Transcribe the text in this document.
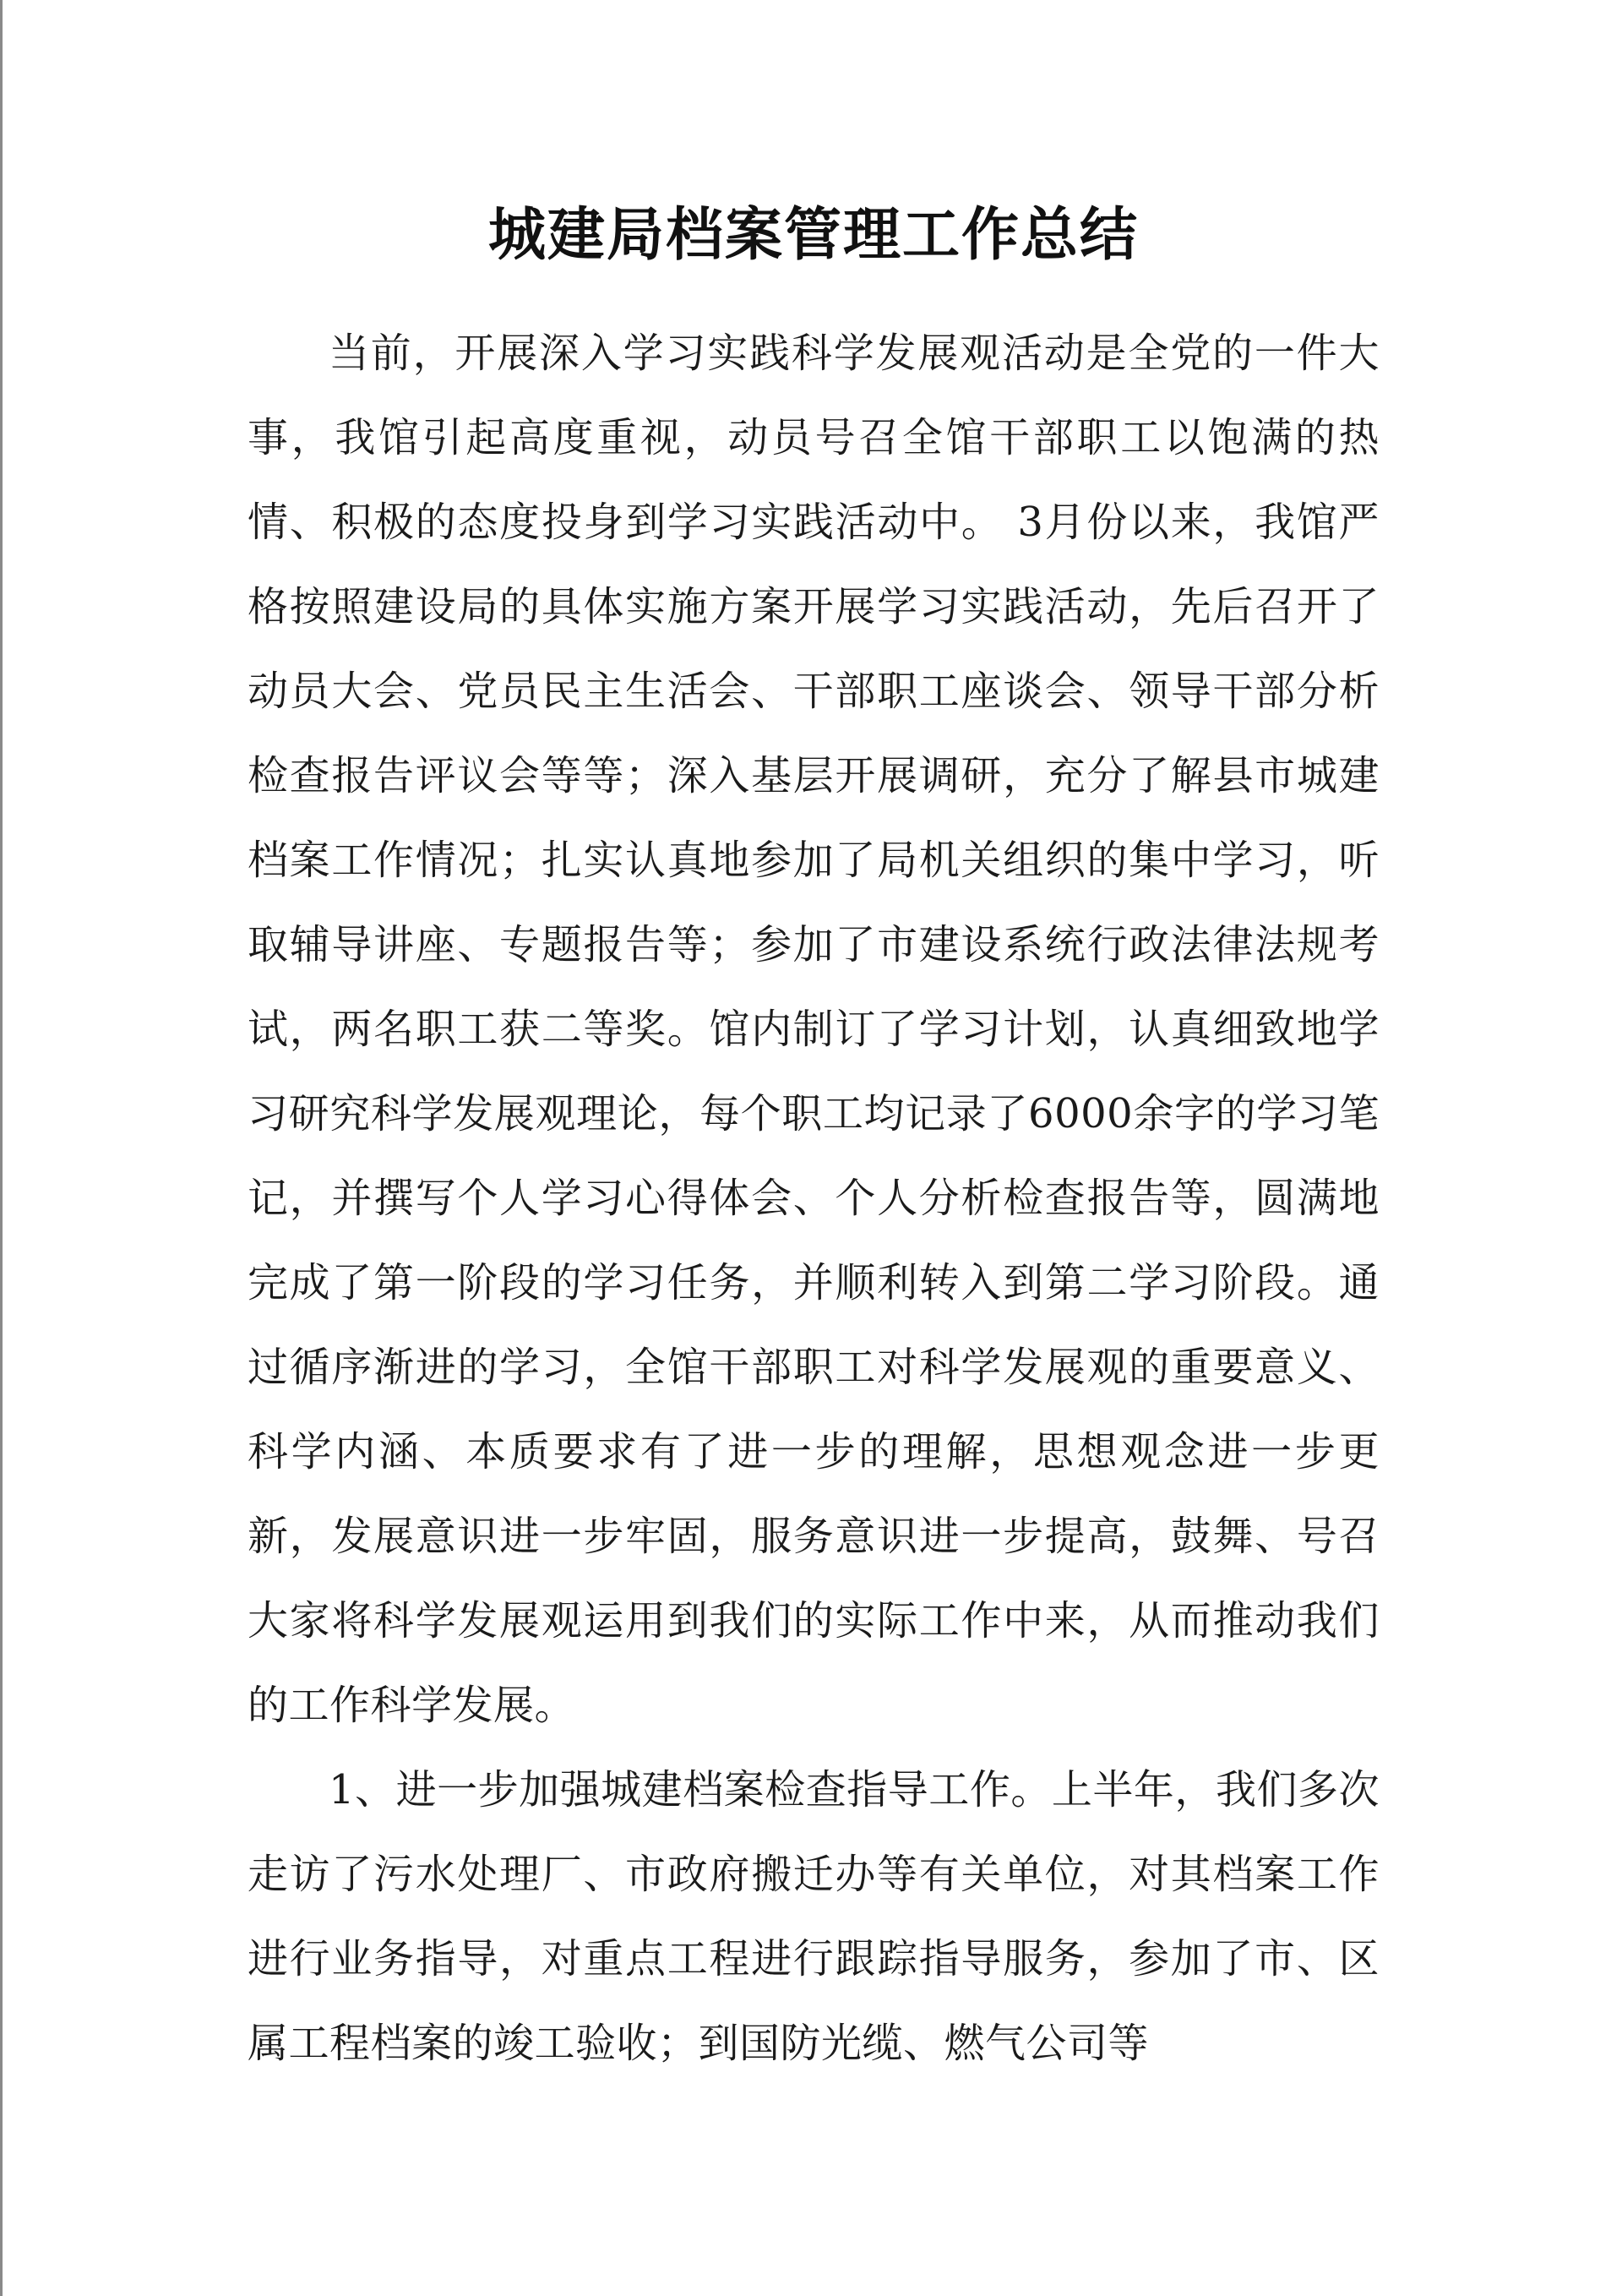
城建局档案管理工作总结

当前，开展深入学习实践科学发展观活动是全党的一件大事，我馆引起高度重视，动员号召全馆干部职工以饱满的热情、积极的态度投身到学习实践活动中。 3月份以来，我馆严格按照建设局的具体实施方案开展学习实践活动，先后召开了动员大会、党员民主生活会、干部职工座谈会、领导干部分析检查报告评议会等等；深入基层开展调研，充分了解县市城建档案工作情况；扎实认真地参加了局机关组织的集中学习，听取辅导讲座、专题报告等；参加了市建设系统行政法律法规考试，两名职工获二等奖。馆内制订了学习计划，认真细致地学习研究科学发展观理论，每个职工均记录了6000余字的学习笔记，并撰写个人学习心得体会、个人分析检查报告等，圆满地完成了第一阶段的学习任务，并顺利转入到第二学习阶段。通过循序渐进的学习，全馆干部职工对科学发展观的重要意义、科学内涵、本质要求有了进一步的理解，思想观念进一步更新，发展意识进一步牢固，服务意识进一步提高，鼓舞、号召大家将科学发展观运用到我们的实际工作中来，从而推动我们的工作科学发展。

1、进一步加强城建档案检查指导工作。上半年，我们多次走访了污水处理厂、市政府搬迁办等有关单位，对其档案工作进行业务指导，对重点工程进行跟踪指导服务，参加了市、区属工程档案的竣工验收；到国防光缆、燃气公司等
